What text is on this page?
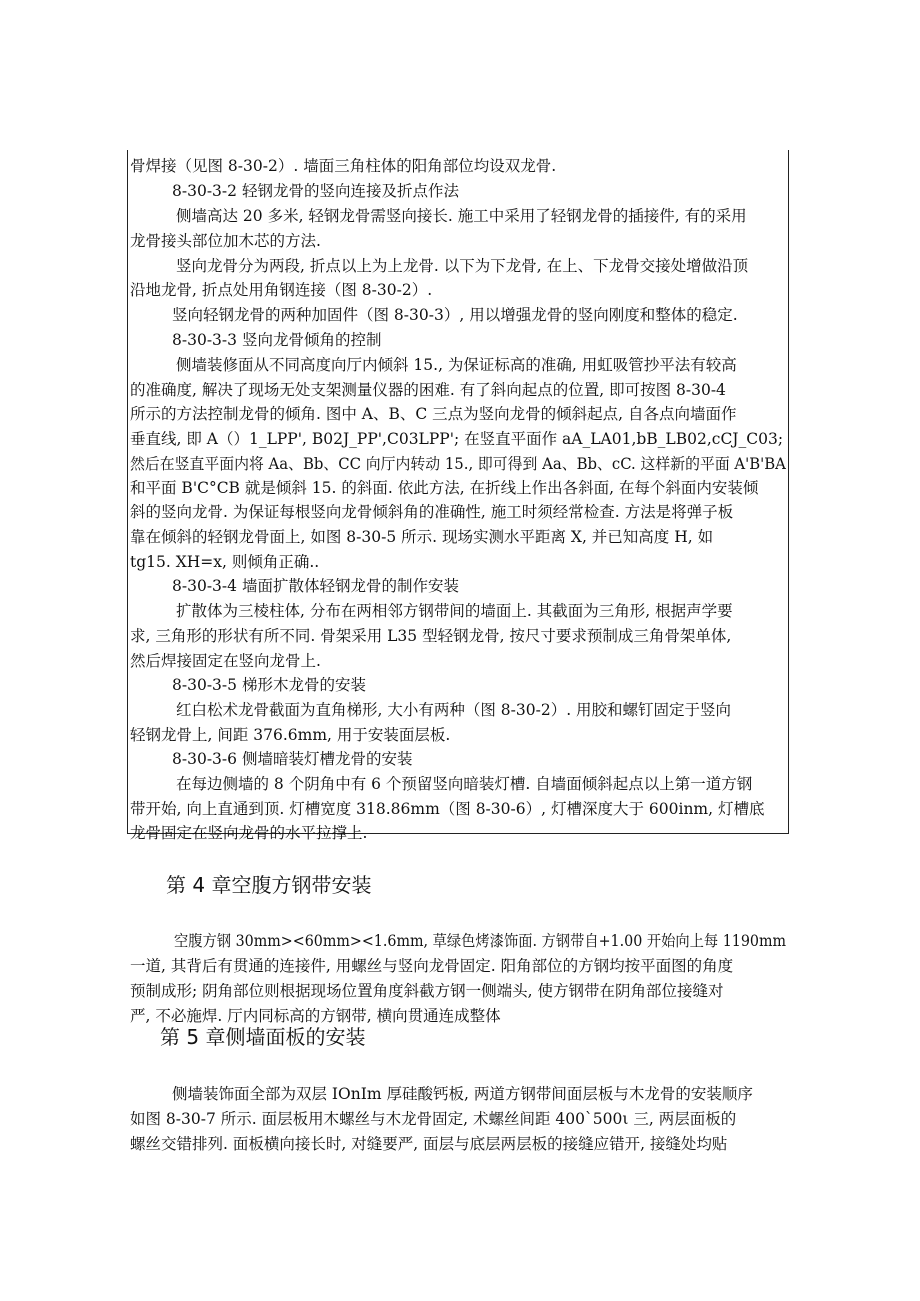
骨焊接（见图 8-30-2）. 墙面三角柱体的阳角部位均设双龙骨.
8-30-3-2 轻钢龙骨的竖向连接及折点作法
侧墙高达 20 多米, 轻钢龙骨需竖向接长. 施工中采用了轻钢龙骨的插接件, 有的采用
龙骨接头部位加木芯的方法.
竖向龙骨分为两段, 折点以上为上龙骨. 以下为下龙骨, 在上、下龙骨交接处增做沿顶
沿地龙骨, 折点处用角钢连接（图 8-30-2）.
竖向轻钢龙骨的两种加固件（图 8-30-3）, 用以增强龙骨的竖向刚度和整体的稳定.
8-30-3-3 竖向龙骨倾角的控制
侧墙装修面从不同高度向厅内倾斜 15., 为保证标高的准确, 用虹吸管抄平法有较高
的准确度, 解决了现场无处支架测量仪器的困难. 有了斜向起点的位置, 即可按图 8-30-4
所示的方法控制龙骨的倾角. 图中 A、B、C 三点为竖向龙骨的倾斜起点, 自各点向墙面作
垂直线, 即 A（）1_LPP', B02J_PP',C03LPP'; 在竖直平面作 aA_LA01,bB_LB02,cCJ_C03;
然后在竖直平面内将 Aa、Bb、CC 向厅内转动 15., 即可得到 Aa、Bb、cC. 这样新的平面 A'B'BA
和平面 B'C°CB 就是倾斜 15. 的斜面. 依此方法, 在折线上作出各斜面, 在每个斜面内安装倾
斜的竖向龙骨. 为保证每根竖向龙骨倾斜角的准确性, 施工时须经常检查. 方法是将弹子板
靠在倾斜的轻钢龙骨面上, 如图 8-30-5 所示. 现场实测水平距离 X, 并已知高度 H, 如
tg15. XH=x, 则倾角正确..
8-30-3-4 墙面扩散体轻钢龙骨的制作安装
扩散体为三棱柱体, 分布在两相邻方钢带间的墙面上. 其截面为三角形, 根据声学要
求, 三角形的形状有所不同. 骨架采用 L35 型轻钢龙骨, 按尺寸要求预制成三角骨架单体,
然后焊接固定在竖向龙骨上.
8-30-3-5 梯形木龙骨的安装
红白松术龙骨截面为直角梯形, 大小有两种（图 8-30-2）. 用胶和螺钉固定于竖向
轻钢龙骨上, 间距 376.6mm, 用于安装面层板.
8-30-3-6 侧墙暗装灯槽龙骨的安装
在每边侧墙的 8 个阴角中有 6 个预留竖向暗装灯槽. 自墙面倾斜起点以上第一道方钢
带开始, 向上直通到顶. 灯槽宽度 318.86mm（图 8-30-6）, 灯槽深度大于 600inm, 灯槽底
龙骨固定在竖向龙骨的水平拉撑上.
第 4 章空腹方钢带安装
空腹方钢 30mm><60mm><1.6mm, 草绿色烤漆饰面. 方钢带自+1.00 开始向上每 1190mm
一道, 其背后有贯通的连接件, 用螺丝与竖向龙骨固定. 阳角部位的方钢均按平面图的角度
预制成形; 阴角部位则根据现场位置角度斜截方钢一侧端头, 使方钢带在阴角部位接缝对
严, 不必施焊. 厅内同标高的方钢带, 横向贯通连成整体
第 5 章侧墙面板的安装
侧墙装饰面全部为双层 IOnIm 厚硅酸钙板, 两道方钢带间面层板与木龙骨的安装顺序
如图 8-30-7 所示. 面层板用木螺丝与木龙骨固定, 术螺丝间距 400`500ι 三, 两层面板的
螺丝交错排列. 面板横向接长时, 对缝要严, 面层与底层两层板的接缝应错开, 接缝处均贴
